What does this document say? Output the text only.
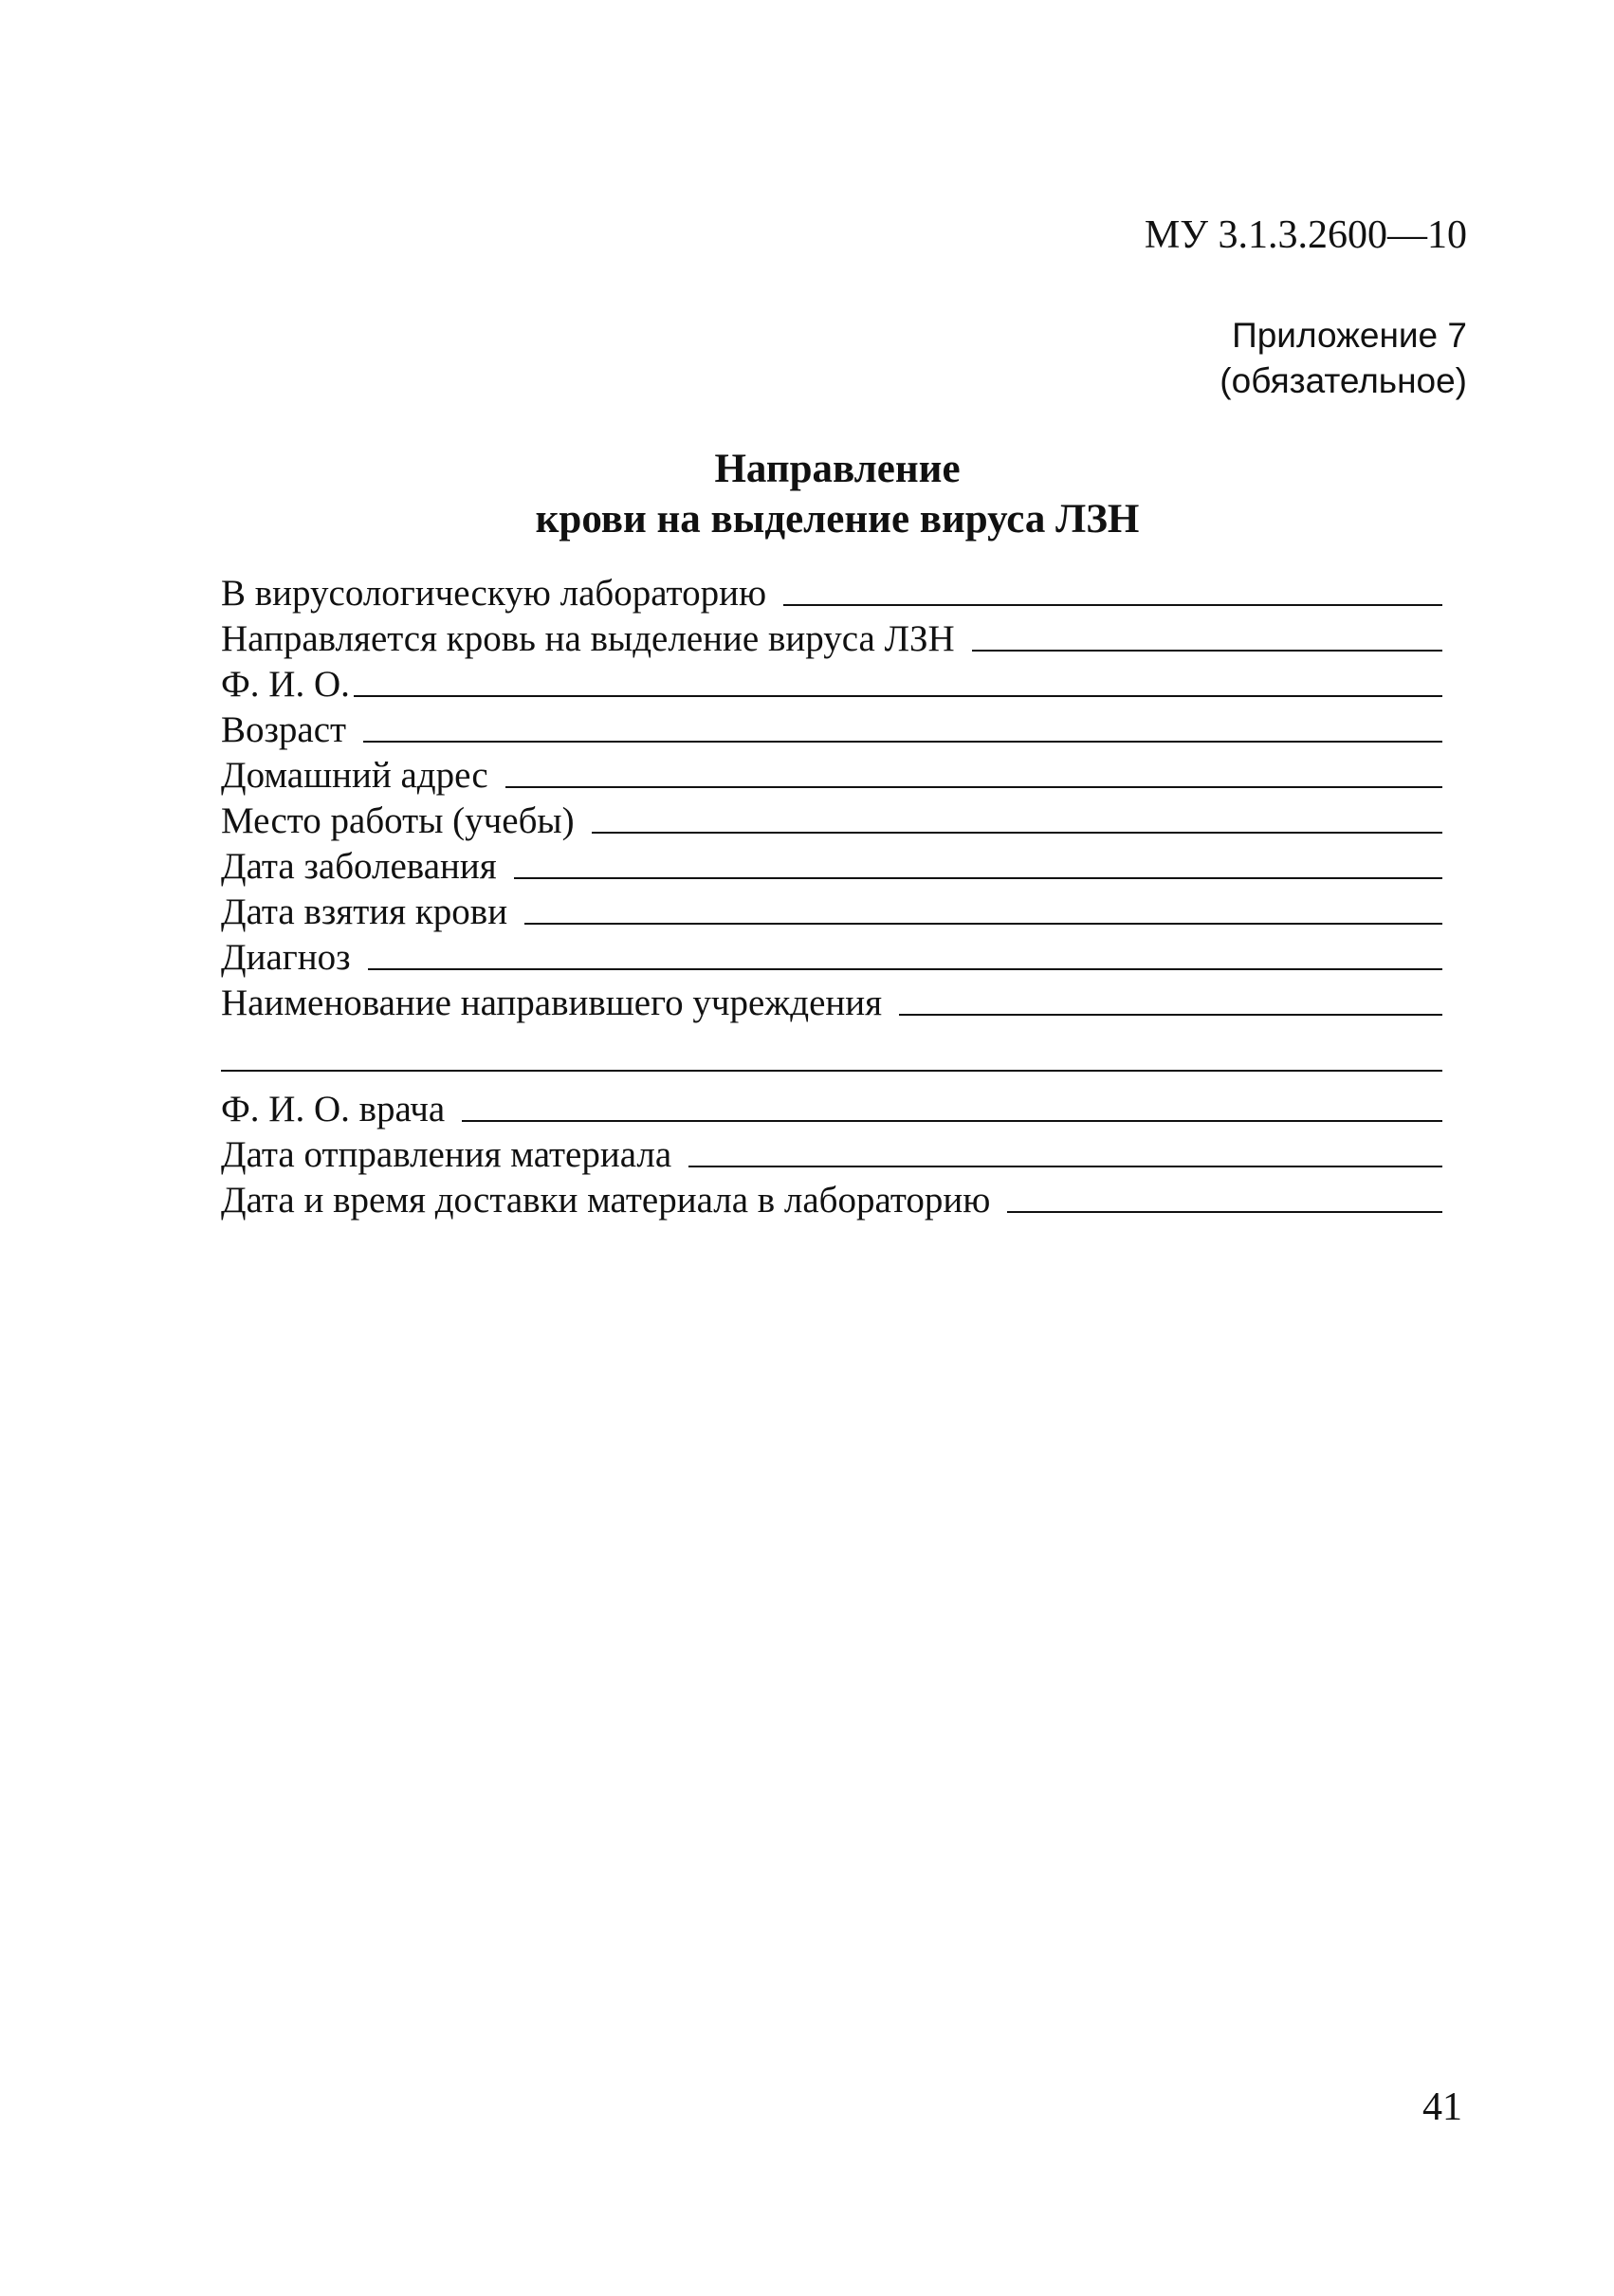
МУ 3.1.3.2600—10
Приложение 7
(обязательное)
Направление
крови на выделение вируса ЛЗН
В вирусологическую лабораторию
Направляется кровь на выделение вируса ЛЗН
Ф. И. О.
Возраст
Домашний адрес
Место работы (учебы)
Дата заболевания
Дата взятия крови
Диагноз
Наименование направившего учреждения
Ф. И. О. врача
Дата отправления материала
Дата и время доставки материала в лабораторию
41
